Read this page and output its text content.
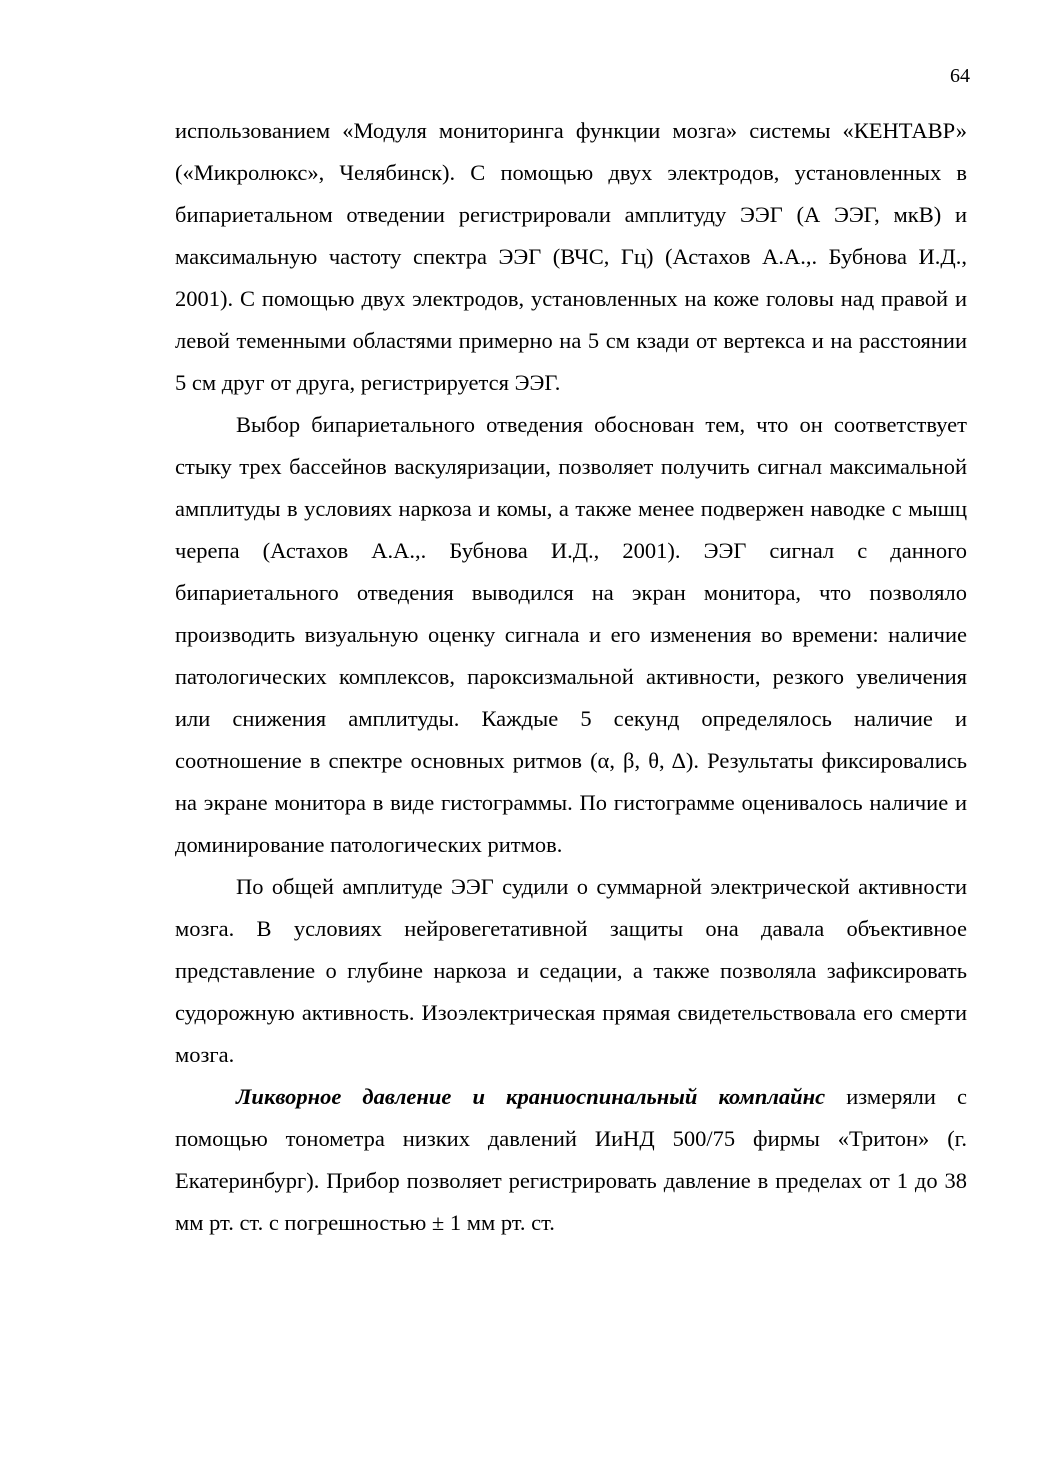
64

использованием «Модуля мониторинга функции мозга» системы «КЕНТАВР» («Микролюкс», Челябинск). С помощью двух электродов, установленных в бипариетальном отведении регистрировали амплитуду ЭЭГ (А ЭЭГ, мкВ) и максимальную частоту спектра ЭЭГ (ВЧС, Гц) (Астахов А.А.,. Бубнова И.Д., 2001). С помощью двух электродов, установленных на коже головы над правой и левой теменными областями примерно на 5 см кзади от вертекса и на расстоянии 5 см друг от друга, регистрируется ЭЭГ.

Выбор бипариетального отведения обоснован тем, что он соответствует стыку трех бассейнов васкуляризации, позволяет получить сигнал максимальной амплитуды в условиях наркоза и комы, а также менее подвержен наводке с мышц черепа (Астахов А.А.,. Бубнова И.Д., 2001). ЭЭГ сигнал с данного бипариетального отведения выводился на экран монитора, что позволяло производить визуальную оценку сигнала и его изменения во времени: наличие патологических комплексов, пароксизмальной активности, резкого увеличения или снижения амплитуды. Каждые 5 секунд определялось наличие и соотношение в спектре основных ритмов (α, β, θ, Δ). Результаты фиксировались на экране монитора в виде гистограммы. По гистограмме оценивалось наличие и доминирование патологических ритмов.

По общей амплитуде ЭЭГ судили о суммарной электрической активности мозга. В условиях нейровегетативной защиты она давала объективное представление о глубине наркоза и седации, а также позволяла зафиксировать судорожную активность. Изоэлектрическая прямая свидетельствовала его смерти мозга.

Ликворное давление и краниоспинальный комплайнс измеряли с помощью тонометра низких давлений ИиНД 500/75 фирмы «Тритон» (г. Екатеринбург). Прибор позволяет регистрировать давление в пределах от 1 до 38 мм рт. ст. с погрешностью ± 1 мм рт. ст.
